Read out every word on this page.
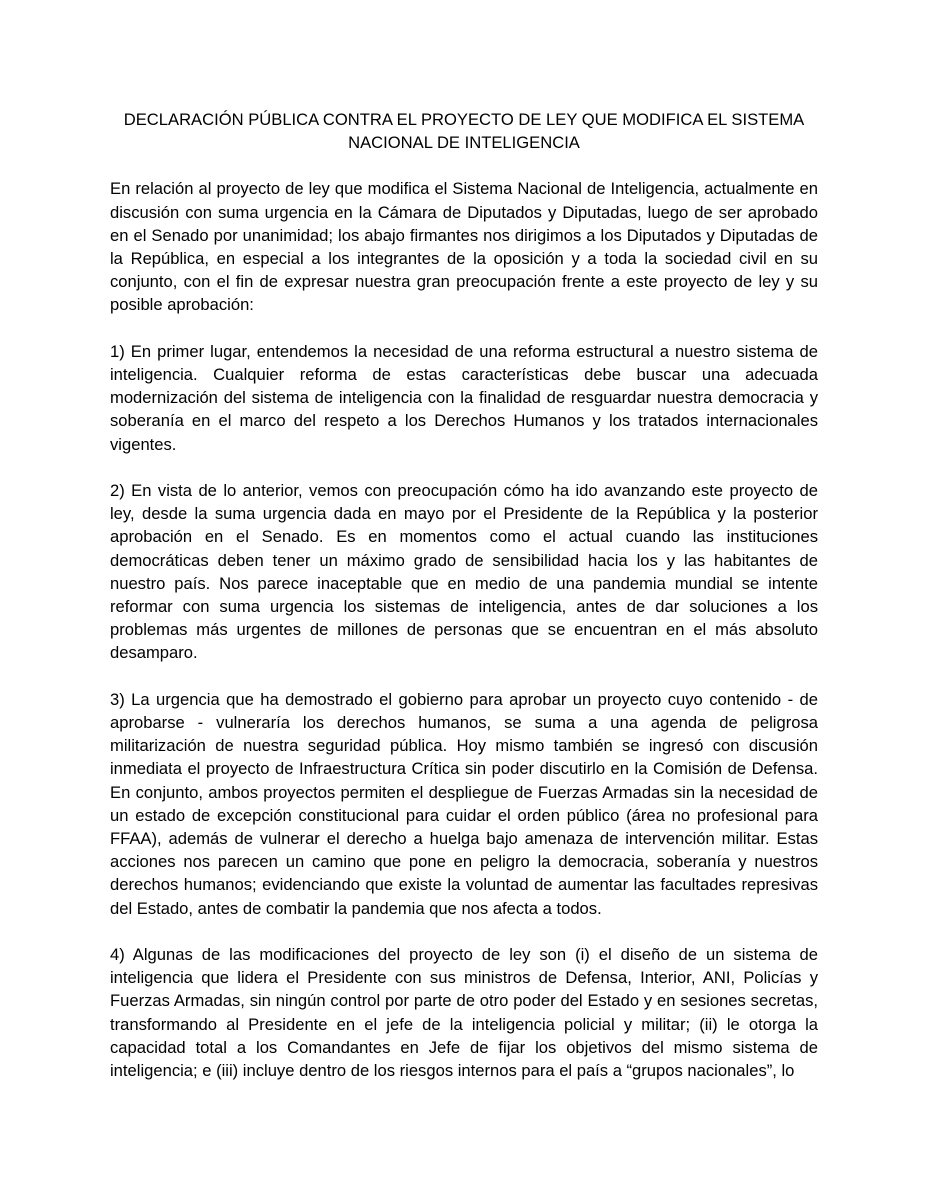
DECLARACIÓN PÚBLICA CONTRA EL PROYECTO DE LEY QUE MODIFICA EL SISTEMA NACIONAL DE INTELIGENCIA

En relación al proyecto de ley que modifica el Sistema Nacional de Inteligencia, actualmente en discusión con suma urgencia en la Cámara de Diputados y Diputadas, luego de ser aprobado en el Senado por unanimidad; los abajo firmantes nos dirigimos a los Diputados y Diputadas de la República, en especial a los integrantes de la oposición y a toda la sociedad civil en su conjunto, con el fin de expresar nuestra gran preocupación frente a este proyecto de ley y su posible aprobación:

1) En primer lugar, entendemos la necesidad de una reforma estructural a nuestro sistema de inteligencia. Cualquier reforma de estas características debe buscar una adecuada modernización del sistema de inteligencia con la finalidad de resguardar nuestra democracia y soberanía en el marco del respeto a los Derechos Humanos y los tratados internacionales vigentes.

2) En vista de lo anterior, vemos con preocupación cómo ha ido avanzando este proyecto de ley, desde la suma urgencia dada en mayo por el Presidente de la República y la posterior aprobación en el Senado. Es en momentos como el actual cuando las instituciones democráticas deben tener un máximo grado de sensibilidad hacia los y las habitantes de nuestro país. Nos parece inaceptable que en medio de una pandemia mundial se intente reformar con suma urgencia los sistemas de inteligencia, antes de dar soluciones a los problemas más urgentes de millones de personas que se encuentran en el más absoluto desamparo.

3) La urgencia que ha demostrado el gobierno para aprobar un proyecto cuyo contenido - de aprobarse - vulneraría los derechos humanos, se suma a una agenda de peligrosa militarización de nuestra seguridad pública. Hoy mismo también se ingresó con discusión inmediata el proyecto de Infraestructura Crítica sin poder discutirlo en la Comisión de Defensa. En conjunto, ambos proyectos permiten el despliegue de Fuerzas Armadas sin la necesidad de un estado de excepción constitucional para cuidar el orden público (área no profesional para FFAA), además de vulnerar el derecho a huelga bajo amenaza de intervención militar. Estas acciones nos parecen un camino que pone en peligro la democracia, soberanía y nuestros derechos humanos; evidenciando que existe la voluntad de aumentar las facultades represivas del Estado, antes de combatir la pandemia que nos afecta a todos.

4) Algunas de las modificaciones del proyecto de ley son (i) el diseño de un sistema de inteligencia que lidera el Presidente con sus ministros de Defensa, Interior, ANI, Policías y Fuerzas Armadas, sin ningún control por parte de otro poder del Estado y en sesiones secretas, transformando al Presidente en el jefe de la inteligencia policial y militar; (ii) le otorga la capacidad total a los Comandantes en Jefe de fijar los objetivos del mismo sistema de inteligencia; e (iii) incluye dentro de los riesgos internos para el país a “grupos nacionales”, lo
